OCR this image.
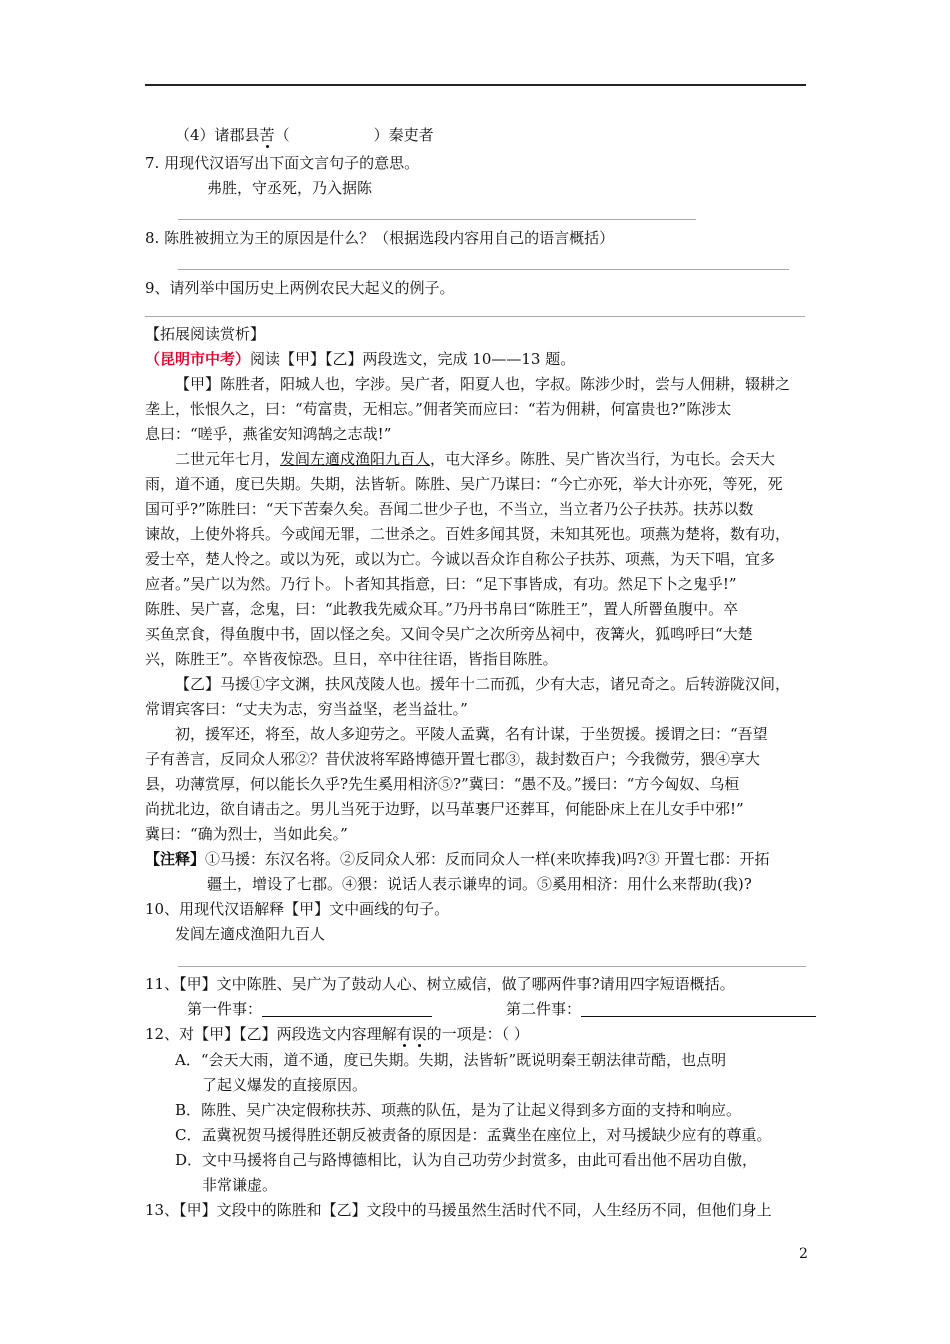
（4）诸郡县苦（	）秦吏者
7. 用现代汉语写出下面文言句子的意思。
弗胜，守丞死，乃入据陈
8. 陈胜被拥立为王的原因是什么？（根据选段内容用自己的语言概括）
9、请列举中国历史上两例农民大起义的例子。
【拓展阅读赏析】
（昆明市中考）阅读【甲】【乙】两段选文，完成 10——13 题。
【甲】陈胜者，阳城人也，字涉。吴广者，阳夏人也，字叔。陈涉少时，尝与人佣耕，辍耕之
垄上，怅恨久之，曰：“苟富贵，无相忘。”佣者笑而应曰：“若为佣耕，何富贵也?”陈涉太
息曰：“嗟乎，燕雀安知鸿鹄之志哉!”
二世元年七月，发闾左適戍渔阳九百人，屯大泽乡。陈胜、吴广皆次当行，为屯长。会天大
雨，道不通，度已失期。失期，法皆斩。陈胜、吴广乃谋曰：“今亡亦死，举大计亦死，等死，死
国可乎?”陈胜曰：“天下苦秦久矣。吾闻二世少子也，不当立，当立者乃公子扶苏。扶苏以数
谏故，上使外将兵。今或闻无罪，二世杀之。百姓多闻其贤，未知其死也。项燕为楚将，数有功，
爱士卒，楚人怜之。或以为死，或以为亡。今诚以吾众诈自称公子扶苏、项燕，为天下唱，宜多
应者。”吴广以为然。乃行卜。卜者知其指意，曰：“足下事皆成，有功。然足下卜之鬼乎!”
陈胜、吴广喜，念鬼，曰：“此教我先威众耳。”乃丹书帛曰“陈胜王”，置人所罾鱼腹中。卒
买鱼烹食，得鱼腹中书，固以怪之矣。又间令吴广之次所旁丛祠中，夜篝火，狐鸣呼曰“大楚
兴，陈胜王”。卒皆夜惊恐。旦日，卒中往往语，皆指目陈胜。
【乙】马援①字文渊，扶风茂陵人也。援年十二而孤，少有大志，诸兄奇之。后转游陇汉间，
常谓宾客曰：“丈夫为志，穷当益坚，老当益壮。”
初，援军还，将至，故人多迎劳之。平陵人孟冀，名有计谋，于坐贺援。援谓之曰：“吾望
子有善言，反同众人邪②？昔伏波将军路博德开置七郡③，裁封数百户；今我微劳，猥④享大
县，功薄赏厚，何以能长久乎?先生奚用相济⑤?”冀曰：“愚不及。”援曰：“方今匈奴、乌桓
尚扰北边，欲自请击之。男儿当死于边野，以马革裹尸还葬耳，何能卧床上在儿女手中邪!”
冀曰：“确为烈士，当如此矣。”
【注释】①马援：东汉名将。②反同众人邪：反而同众人一样(来吹捧我)吗?③ 开置七郡：开拓
疆土，增设了七郡。④猥：说话人表示谦卑的词。⑤奚用相济：用什么来帮助(我)?
10、用现代汉语解释【甲】文中画线的句子。
发闾左適戍渔阳九百人
11、【甲】文中陈胜、吴广为了鼓动人心、树立威信，做了哪两件事?请用四字短语概括。
第一件事：	第二件事：
12、对【甲】【乙】两段选文内容理解有误的一项是：（ ）
A．“会天大雨，道不通，度已失期。失期，法皆斩”既说明秦王朝法律苛酷，也点明
了起义爆发的直接原因。
B．陈胜、吴广决定假称扶苏、项燕的队伍，是为了让起义得到多方面的支持和响应。
C．孟冀祝贺马援得胜还朝反被责备的原因是：孟冀坐在座位上，对马援缺少应有的尊重。
D．文中马援将自己与路博德相比，认为自己功劳少封赏多，由此可看出他不居功自傲，
非常谦虚。
13、【甲】文段中的陈胜和【乙】文段中的马援虽然生活时代不同，人生经历不同，但他们身上
2
